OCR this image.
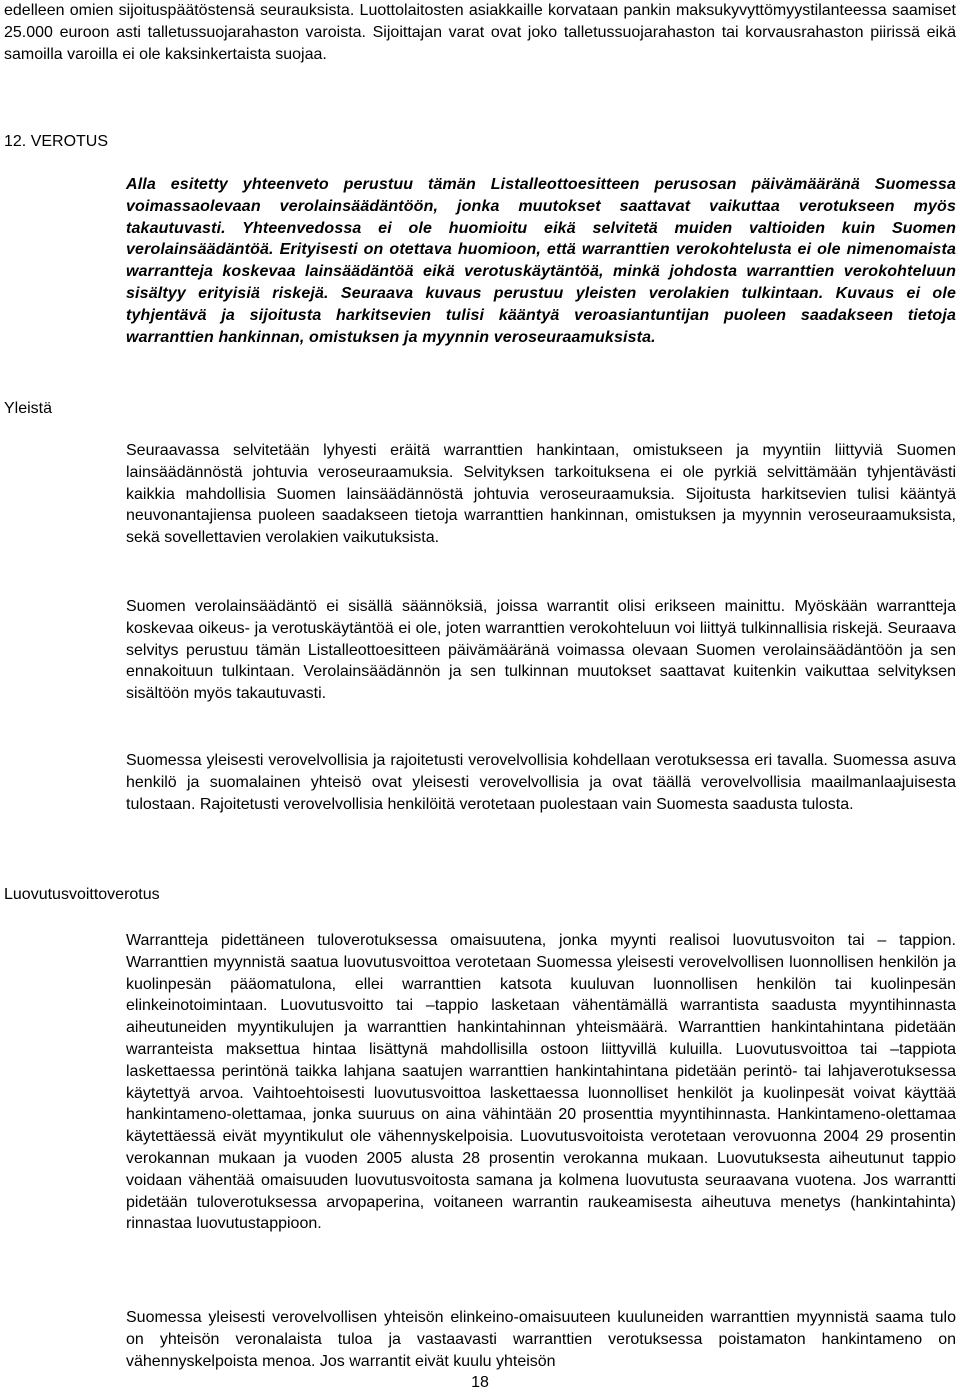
edelleen omien sijoituspäätöstensä seurauksista. Luottolaitosten asiakkaille korvataan pankin maksukyvyttömyystilanteessa saamiset 25.000 euroon asti talletussuojarahaston varoista. Sijoittajan varat ovat joko talletussuojarahaston tai korvausrahaston piirissä eikä samoilla varoilla ei ole kaksinkertaista suojaa.

12. VEROTUS

Alla esitetty yhteenveto perustuu tämän Listalleottoesitteen perusosan päivämääränä Suomessa voimassaolevaan verolainsäädäntöön, jonka muutokset saattavat vaikuttaa verotukseen myös takautuvasti. Yhteenvedossa ei ole huomioitu eikä selvitetä muiden valtioiden kuin Suomen verolainsäädäntöä. Erityisesti on otettava huomioon, että warranttien verokohtelusta ei ole nimenomaista warrantteja koskevaa lainsäädäntöä eikä verotuskäytäntöä, minkä johdosta warranttien verokohteluun sisältyy erityisiä riskejä. Seuraava kuvaus perustuu yleisten verolakien tulkintaan. Kuvaus ei ole tyhjentävä ja sijoitusta harkitsevien tulisi kääntyä veroasiantuntijan puoleen saadakseen tietoja warranttien hankinnan, omistuksen ja myynnin veroseuraamuksista.

Yleistä

Seuraavassa selvitetään lyhyesti eräitä warranttien hankintaan, omistukseen ja myyntiin liittyviä Suomen lainsäädännöstä johtuvia veroseuraamuksia. Selvityksen tarkoituksena ei ole pyrkiä selvittämään tyhjentävästi kaikkia mahdollisia Suomen lainsäädännöstä johtuvia veroseuraamuksia. Sijoitusta harkitsevien tulisi kääntyä neuvonantajiensa puoleen saadakseen tietoja warranttien hankinnan, omistuksen ja myynnin veroseuraamuksista, sekä sovellettavien verolakien vaikutuksista.

Suomen verolainsäädäntö ei sisällä säännöksiä, joissa warrantit olisi erikseen mainittu. Myöskään warrantteja koskevaa oikeus- ja verotuskäytäntöä ei ole, joten warranttien verokohteluun voi liittyä tulkinnallisia riskejä. Seuraava selvitys perustuu tämän Listalleottoesitteen päivämääränä voimassa olevaan Suomen verolainsäädäntöön ja sen ennakoituun tulkintaan. Verolainsäädännön ja sen tulkinnan muutokset saattavat kuitenkin vaikuttaa selvityksen sisältöön myös takautuvasti.

Suomessa yleisesti verovelvollisia ja rajoitetusti verovelvollisia kohdellaan verotuksessa eri tavalla. Suomessa asuva henkilö ja suomalainen yhteisö ovat yleisesti verovelvollisia ja ovat täällä verovelvollisia maailmanlaajuisesta tulostaan. Rajoitetusti verovelvollisia henkilöitä verotetaan puolestaan vain Suomesta saadusta tulosta.

Luovutusvoittoverotus

Warrantteja pidettäneen tuloverotuksessa omaisuutena, jonka myynti realisoi luovutusvoiton tai – tappion. Warranttien myynnistä saatua luovutusvoittoa verotetaan Suomessa yleisesti verovelvollisen luonnollisen henkilön ja kuolinpesän pääomatulona, ellei warranttien katsota kuuluvan luonnollisen henkilön tai kuolinpesän elinkeinotoimintaan. Luovutusvoitto tai –tappio lasketaan vähentämällä warrantista saadusta myyntihinnasta aiheutuneiden myyntikulujen ja warranttien hankintahinnan yhteismäärä. Warranttien hankintahintana pidetään warranteista maksettua hintaa lisättynä mahdollisilla ostoon liittyvillä kuluilla. Luovutusvoittoa tai –tappiota laskettaessa perintönä taikka lahjana saatujen warranttien hankintahintana pidetään perintö- tai lahjaverotuksessa käytettyä arvoa. Vaihtoehtoisesti luovutusvoittoa laskettaessa luonnolliset henkilöt ja kuolinpesät voivat käyttää hankintameno-olettamaa, jonka suuruus on aina vähintään 20 prosenttia myyntihinnasta. Hankintameno-olettamaa käytettäessä eivät myyntikulut ole vähennyskelpoisia. Luovutusvoitoista verotetaan verovuonna 2004 29 prosentin verokannan mukaan ja vuoden 2005 alusta 28 prosentin verokanna mukaan. Luovutuksesta aiheutunut tappio voidaan vähentää omaisuuden luovutusvoitosta samana ja kolmena luovutusta seuraavana vuotena. Jos warrantti pidetään tuloverotuksessa arvopaperina, voitaneen warrantin raukeamisesta aiheutuva menetys (hankintahinta) rinnastaa luovutustappioon.

Suomessa yleisesti verovelvollisen yhteisön elinkeino-omaisuuteen kuuluneiden warranttien myynnistä saama tulo on yhteisön veronalaista tuloa ja vastaavasti warranttien verotuksessa poistamaton hankintameno on vähennyskelpoista menoa. Jos warrantit eivät kuulu yhteisön

18
